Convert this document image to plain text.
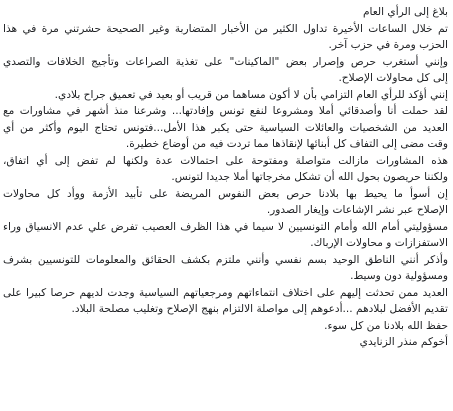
بلاغ إلى الرأي العام
تم خلال الساعات الأخيرة تداول الكثير من الأخبار المتضاربة وغير الصحيحة حشرتني مرة في هذا
الحزب ومرة في حزب آخر.
وإنني أستغرب حرص وإصرار بعض "الماكينات" على تغذية الصراعات وتأجيج الخلافات والتصدي
إلى كل محاولات الإصلاح.
إنني أؤكد للرأي العام التزامي بأن لا أكون مساهما من قريب أو بعيد في تعميق جراح بلادي.
لقد حملت أنا وأصدقائي أملا ومشروعا لنفع تونس وإفادتها... وشرعنا منذ أشهر في مشاورات مع
العديد من الشخصيات والعائلات السياسية حتى يكبر هذا الأمل...فتونس تحتاج اليوم وأكثر من أي
وقت مضى إلى التفاف كل أبنائها لإنقاذها مما تردت فيه من أوضاع خطيرة.
هذه المشاورات مازالت متواصلة ومفتوحة على احتمالات عدة ولكنها لم تفض إلى أي اتفاق،
ولكننا حريصون بحول الله أن تشكل مخرجاتها أملا جديدا لتونس.
إن أسوأ ما يحيط بها بلادنا حرص بعض النفوس المريضة على تأبيد الأزمة ووأد كل محاولات
الإصلاح عبر نشر الإشاعات وإيغار الصدور.
مسؤوليتي أمام الله وأمام التونسيين لا سيما في هذا الظرف العصيب تفرض علي عدم الانسياق وراء
الاستفزازات و محاولات الإرباك.
وأذكر أنني الناطق الوحيد بسم نفسي وأنني ملتزم بكشف الحقائق والمعلومات للتونسيين بشرف
ومسؤولية دون وسيط.
العديد ممن تحدثت إليهم على اختلاف انتماءاتهم ومرجعياتهم السياسية وجدت لديهم حرصا كبيرا على
تقديم الأفضل لبلادهم ...أدعوهم إلى مواصلة الالتزام بنهج الإصلاح وتغليب مصلحة البلاد.
حفظ الله بلادنا من كل سوء.
أخوكم منذر الزنايدي
